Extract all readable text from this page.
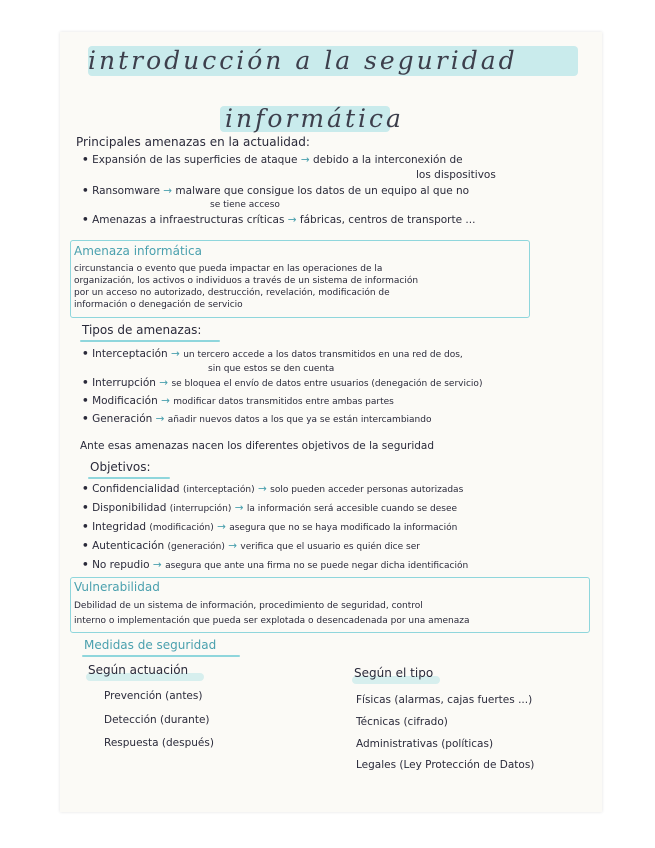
introducción a la seguridad
informática
Principales amenazas en la actualidad:
• Expansión de las superficies de ataque → debido a la interconexión de
los dispositivos
• Ransomware → malware que consigue los datos de un equipo al que no
se tiene acceso
• Amenazas a infraestructuras críticas → fábricas, centros de transporte ...
Amenaza informática
circunstancia o evento que pueda impactar en las operaciones de la
organización, los activos o individuos a través de un sistema de información
por un acceso no autorizado, destrucción, revelación, modificación de
información o denegación de servicio
Tipos de amenazas:
• Interceptación → un tercero accede a los datos transmitidos en una red de dos,
sin que estos se den cuenta
• Interrupción → se bloquea el envío de datos entre usuarios (denegación de servicio)
• Modificación → modificar datos transmitidos entre ambas partes
• Generación → añadir nuevos datos a los que ya se están intercambiando
Ante esas amenazas nacen los diferentes objetivos de la seguridad
Objetivos:
• Confidencialidad (interceptación) → solo pueden acceder personas autorizadas
• Disponibilidad (interrupción) → la información será accesible cuando se desee
• Integridad (modificación) → asegura que no se haya modificado la información
• Autenticación (generación) → verifica que el usuario es quién dice ser
• No repudio → asegura que ante una firma no se puede negar dicha identificación
Vulnerabilidad
Debilidad de un sistema de información, procedimiento de seguridad, control
interno o implementación que pueda ser explotada o desencadenada por una amenaza
Medidas de seguridad
Según actuación
Prevención (antes)
Detección (durante)
Respuesta (después)
Según el tipo
Físicas (alarmas, cajas fuertes ...)
Técnicas (cifrado)
Administrativas (políticas)
Legales (Ley Protección de Datos)
